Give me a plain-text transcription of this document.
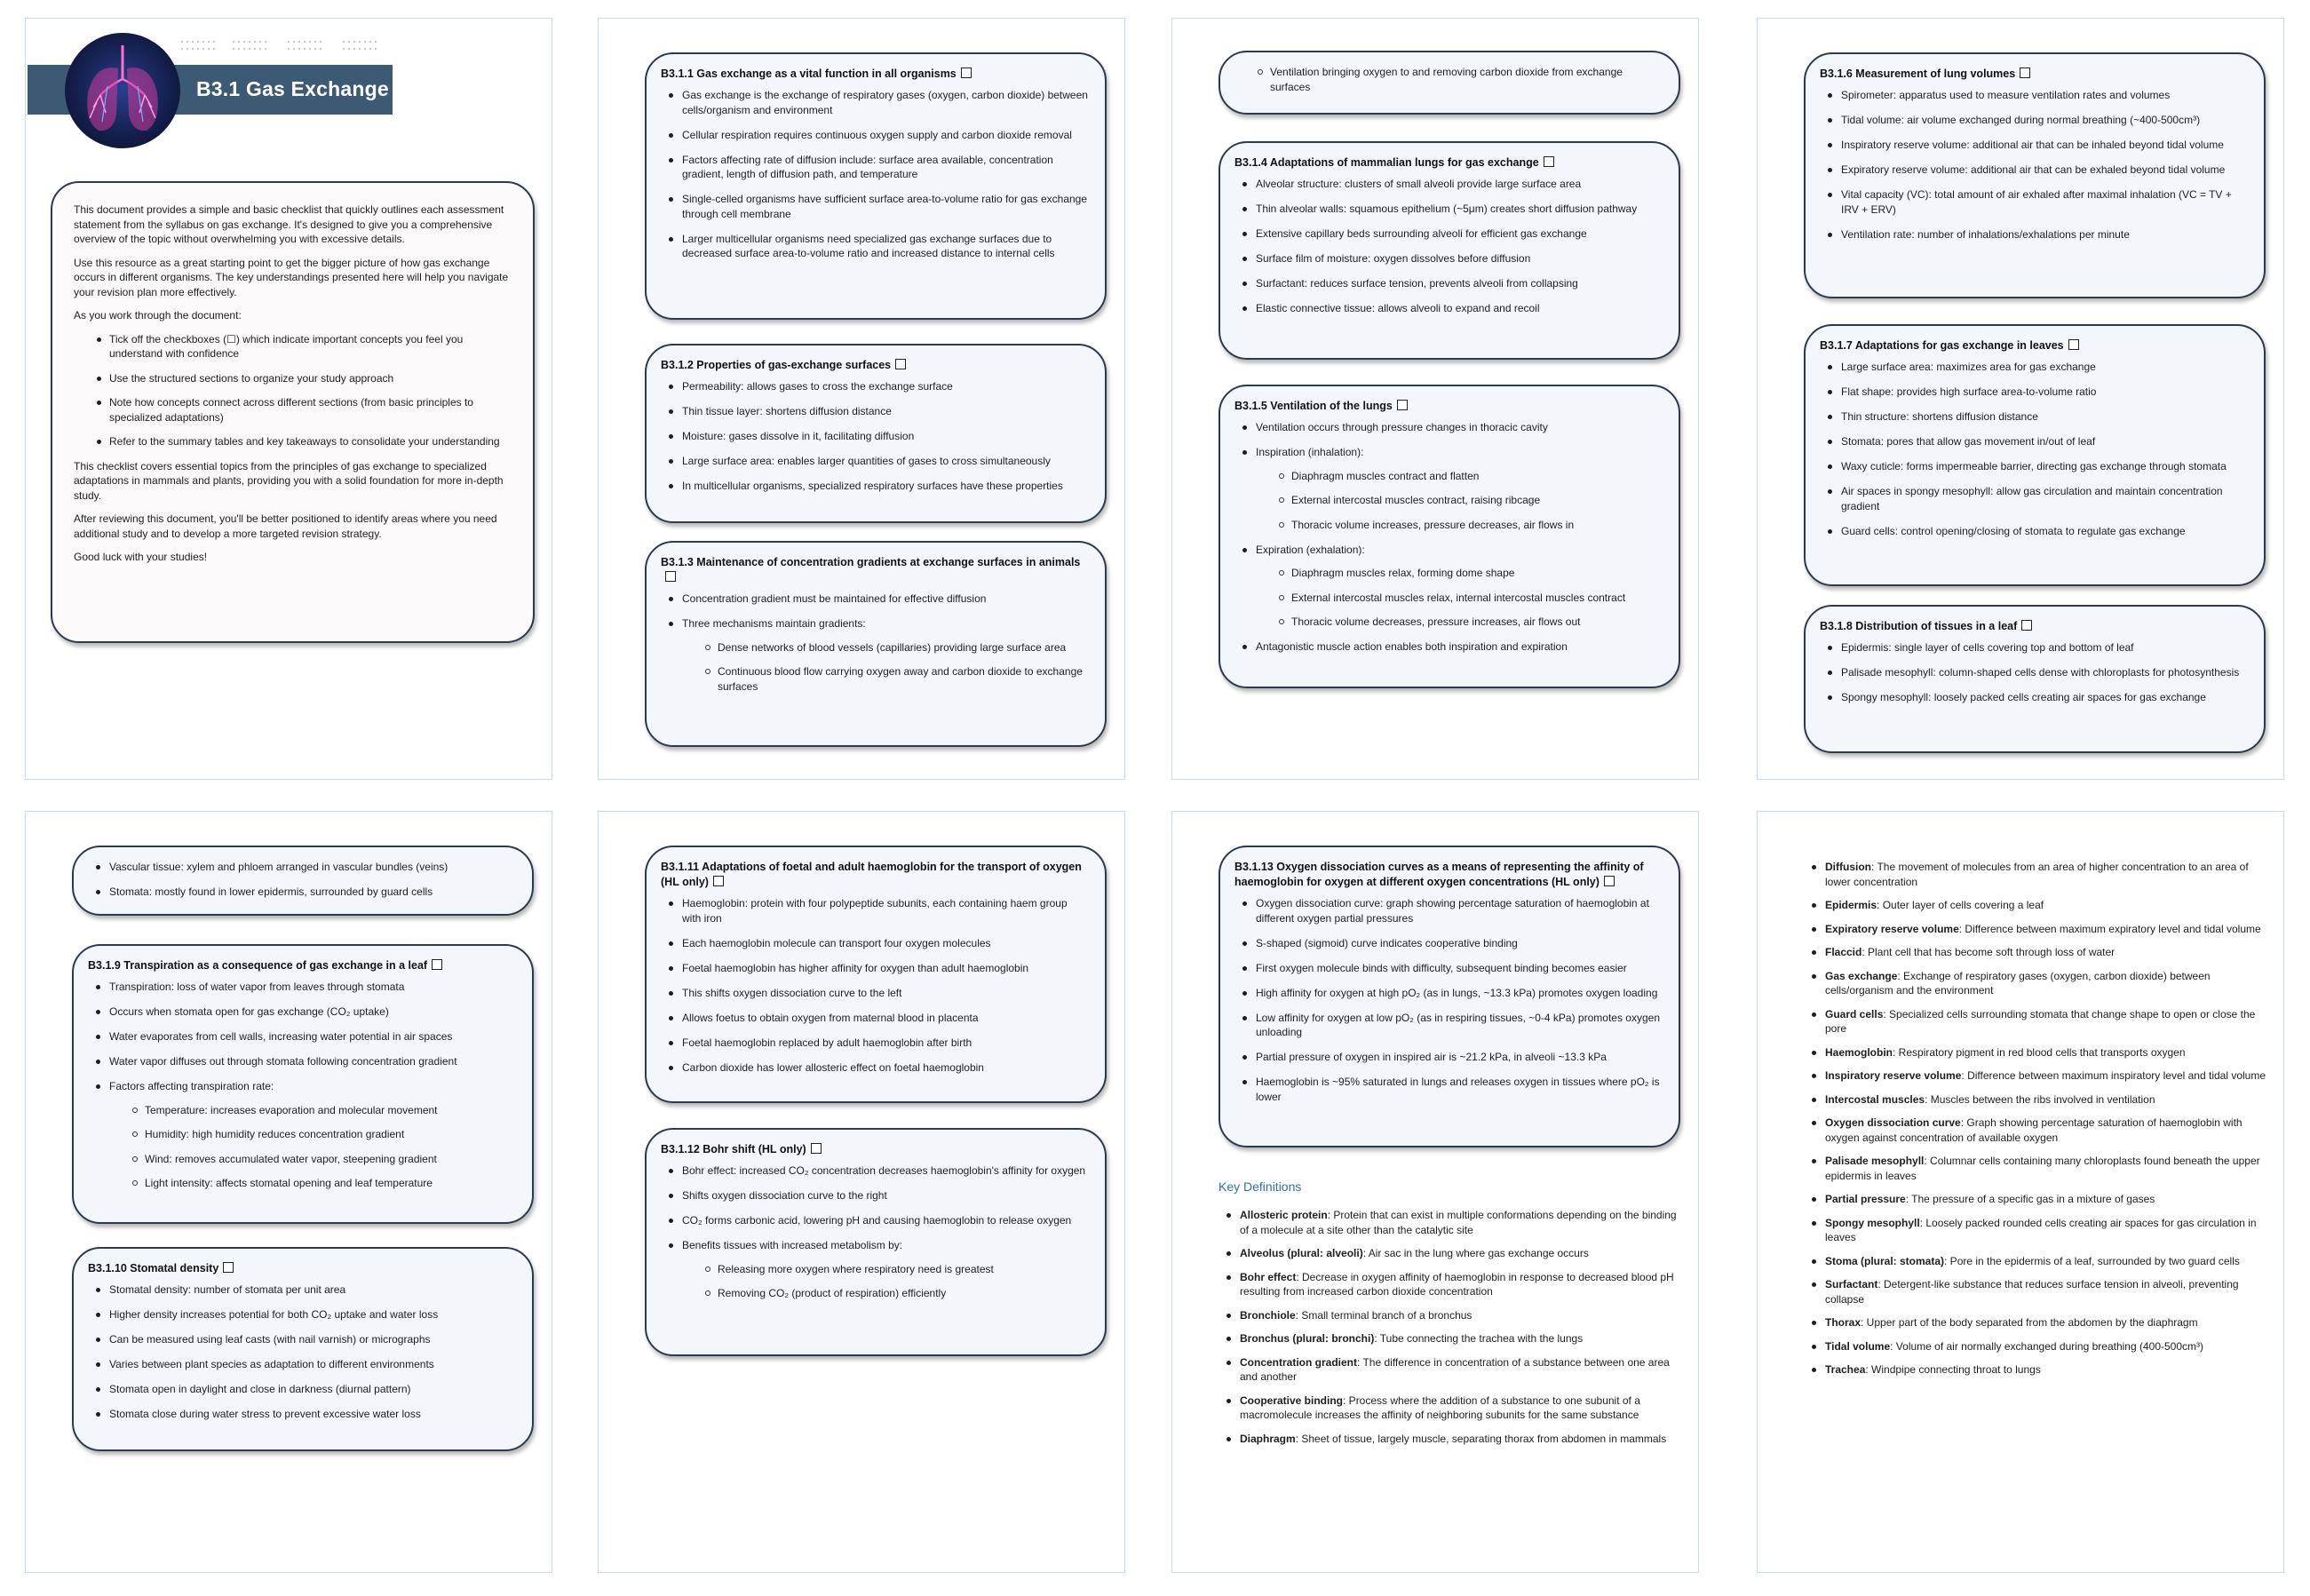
B3.1 Gas Exchange

This document provides a simple and basic checklist that quickly outlines each assessment statement from the syllabus on gas exchange. It's designed to give you a comprehensive overview of the topic without overwhelming you with excessive details.

Use this resource as a great starting point to get the bigger picture of how gas exchange occurs in different organisms. The key understandings presented here will help you navigate your revision plan more effectively.

As you work through the document:

Tick off the checkboxes (☐) which indicate important concepts you feel you understand with confidence
Use the structured sections to organize your study approach
Note how concepts connect across different sections (from basic principles to specialized adaptations)
Refer to the summary tables and key takeaways to consolidate your understanding

This checklist covers essential topics from the principles of gas exchange to specialized adaptations in mammals and plants, providing you with a solid foundation for more in-depth study.

After reviewing this document, you'll be better positioned to identify areas where you need additional study and to develop a more targeted revision strategy.

Good luck with your studies!

B3.1.1 Gas exchange as a vital function in all organisms
Gas exchange is the exchange of respiratory gases (oxygen, carbon dioxide) between cells/organism and environment
Cellular respiration requires continuous oxygen supply and carbon dioxide removal
Factors affecting rate of diffusion include: surface area available, concentration gradient, length of diffusion path, and temperature
Single-celled organisms have sufficient surface area-to-volume ratio for gas exchange through cell membrane
Larger multicellular organisms need specialized gas exchange surfaces due to decreased surface area-to-volume ratio and increased distance to internal cells
B3.1.2 Properties of gas-exchange surfaces
Permeability: allows gases to cross the exchange surface
Thin tissue layer: shortens diffusion distance
Moisture: gases dissolve in it, facilitating diffusion
Large surface area: enables larger quantities of gases to cross simultaneously
In multicellular organisms, specialized respiratory surfaces have these properties
B3.1.3 Maintenance of concentration gradients at exchange surfaces in animals
Concentration gradient must be maintained for effective diffusion
Three mechanisms maintain gradients:
Dense networks of blood vessels (capillaries) providing large surface area
Continuous blood flow carrying oxygen away and carbon dioxide to exchange surfaces
Ventilation bringing oxygen to and removing carbon dioxide from exchange surfaces
B3.1.4 Adaptations of mammalian lungs for gas exchange
Alveolar structure: clusters of small alveoli provide large surface area
Thin alveolar walls: squamous epithelium (~5μm) creates short diffusion pathway
Extensive capillary beds surrounding alveoli for efficient gas exchange
Surface film of moisture: oxygen dissolves before diffusion
Surfactant: reduces surface tension, prevents alveoli from collapsing
Elastic connective tissue: allows alveoli to expand and recoil
B3.1.5 Ventilation of the lungs
Ventilation occurs through pressure changes in thoracic cavity
Inspiration (inhalation):
Diaphragm muscles contract and flatten
External intercostal muscles contract, raising ribcage
Thoracic volume increases, pressure decreases, air flows in
Expiration (exhalation):
Diaphragm muscles relax, forming dome shape
External intercostal muscles relax, internal intercostal muscles contract
Thoracic volume decreases, pressure increases, air flows out
Antagonistic muscle action enables both inspiration and expiration
B3.1.6 Measurement of lung volumes
Spirometer: apparatus used to measure ventilation rates and volumes
Tidal volume: air volume exchanged during normal breathing (~400-500cm³)
Inspiratory reserve volume: additional air that can be inhaled beyond tidal volume
Expiratory reserve volume: additional air that can be exhaled beyond tidal volume
Vital capacity (VC): total amount of air exhaled after maximal inhalation (VC = TV + IRV + ERV)
Ventilation rate: number of inhalations/exhalations per minute
B3.1.7 Adaptations for gas exchange in leaves
Large surface area: maximizes area for gas exchange
Flat shape: provides high surface area-to-volume ratio
Thin structure: shortens diffusion distance
Stomata: pores that allow gas movement in/out of leaf
Waxy cuticle: forms impermeable barrier, directing gas exchange through stomata
Air spaces in spongy mesophyll: allow gas circulation and maintain concentration gradient
Guard cells: control opening/closing of stomata to regulate gas exchange
B3.1.8 Distribution of tissues in a leaf
Epidermis: single layer of cells covering top and bottom of leaf
Palisade mesophyll: column-shaped cells dense with chloroplasts for photosynthesis
Spongy mesophyll: loosely packed cells creating air spaces for gas exchange
Vascular tissue: xylem and phloem arranged in vascular bundles (veins)
Stomata: mostly found in lower epidermis, surrounded by guard cells
B3.1.9 Transpiration as a consequence of gas exchange in a leaf
Transpiration: loss of water vapor from leaves through stomata
Occurs when stomata open for gas exchange (CO₂ uptake)
Water evaporates from cell walls, increasing water potential in air spaces
Water vapor diffuses out through stomata following concentration gradient
Factors affecting transpiration rate:
Temperature: increases evaporation and molecular movement
Humidity: high humidity reduces concentration gradient
Wind: removes accumulated water vapor, steepening gradient
Light intensity: affects stomatal opening and leaf temperature
B3.1.10 Stomatal density
Stomatal density: number of stomata per unit area
Higher density increases potential for both CO₂ uptake and water loss
Can be measured using leaf casts (with nail varnish) or micrographs
Varies between plant species as adaptation to different environments
Stomata open in daylight and close in darkness (diurnal pattern)
Stomata close during water stress to prevent excessive water loss
B3.1.11 Adaptations of foetal and adult haemoglobin for the transport of oxygen (HL only)
Haemoglobin: protein with four polypeptide subunits, each containing haem group with iron
Each haemoglobin molecule can transport four oxygen molecules
Foetal haemoglobin has higher affinity for oxygen than adult haemoglobin
This shifts oxygen dissociation curve to the left
Allows foetus to obtain oxygen from maternal blood in placenta
Foetal haemoglobin replaced by adult haemoglobin after birth
Carbon dioxide has lower allosteric effect on foetal haemoglobin
B3.1.12 Bohr shift (HL only)
Bohr effect: increased CO₂ concentration decreases haemoglobin's affinity for oxygen
Shifts oxygen dissociation curve to the right
CO₂ forms carbonic acid, lowering pH and causing haemoglobin to release oxygen
Benefits tissues with increased metabolism by:
Releasing more oxygen where respiratory need is greatest
Removing CO₂ (product of respiration) efficiently
B3.1.13 Oxygen dissociation curves as a means of representing the affinity of haemoglobin for oxygen at different oxygen concentrations (HL only)
Oxygen dissociation curve: graph showing percentage saturation of haemoglobin at different oxygen partial pressures
S-shaped (sigmoid) curve indicates cooperative binding
First oxygen molecule binds with difficulty, subsequent binding becomes easier
High affinity for oxygen at high pO₂ (as in lungs, ~13.3 kPa) promotes oxygen loading
Low affinity for oxygen at low pO₂ (as in respiring tissues, ~0-4 kPa) promotes oxygen unloading
Partial pressure of oxygen in inspired air is ~21.2 kPa, in alveoli ~13.3 kPa
Haemoglobin is ~95% saturated in lungs and releases oxygen in tissues where pO₂ is lower
Key Definitions
Allosteric protein: Protein that can exist in multiple conformations depending on the binding of a molecule at a site other than the catalytic site
Alveolus (plural: alveoli): Air sac in the lung where gas exchange occurs
Bohr effect: Decrease in oxygen affinity of haemoglobin in response to decreased blood pH resulting from increased carbon dioxide concentration
Bronchiole: Small terminal branch of a bronchus
Bronchus (plural: bronchi): Tube connecting the trachea with the lungs
Concentration gradient: The difference in concentration of a substance between one area and another
Cooperative binding: Process where the addition of a substance to one subunit of a macromolecule increases the affinity of neighboring subunits for the same substance
Diaphragm: Sheet of tissue, largely muscle, separating thorax from abdomen in mammals
Diffusion: The movement of molecules from an area of higher concentration to an area of lower concentration
Epidermis: Outer layer of cells covering a leaf
Expiratory reserve volume: Difference between maximum expiratory level and tidal volume
Flaccid: Plant cell that has become soft through loss of water
Gas exchange: Exchange of respiratory gases (oxygen, carbon dioxide) between cells/organism and the environment
Guard cells: Specialized cells surrounding stomata that change shape to open or close the pore
Haemoglobin: Respiratory pigment in red blood cells that transports oxygen
Inspiratory reserve volume: Difference between maximum inspiratory level and tidal volume
Intercostal muscles: Muscles between the ribs involved in ventilation
Oxygen dissociation curve: Graph showing percentage saturation of haemoglobin with oxygen against concentration of available oxygen
Palisade mesophyll: Columnar cells containing many chloroplasts found beneath the upper epidermis in leaves
Partial pressure: The pressure of a specific gas in a mixture of gases
Spongy mesophyll: Loosely packed rounded cells creating air spaces for gas circulation in leaves
Stoma (plural: stomata): Pore in the epidermis of a leaf, surrounded by two guard cells
Surfactant: Detergent-like substance that reduces surface tension in alveoli, preventing collapse
Thorax: Upper part of the body separated from the abdomen by the diaphragm
Tidal volume: Volume of air normally exchanged during breathing (400-500cm³)
Trachea: Windpipe connecting throat to lungs
